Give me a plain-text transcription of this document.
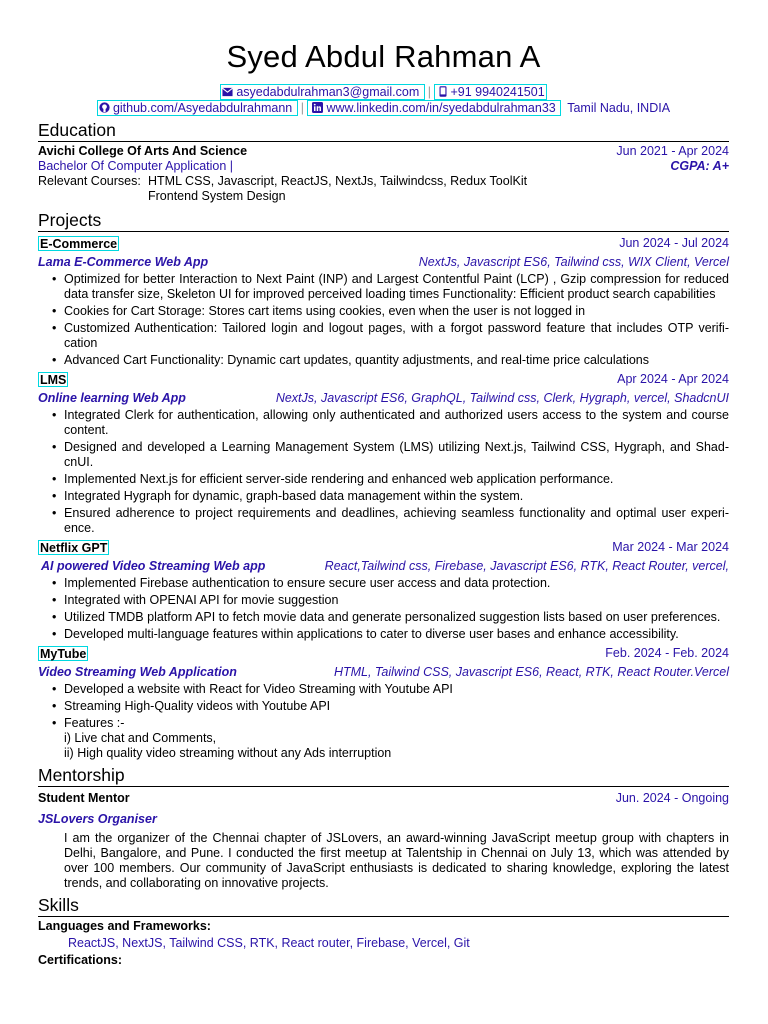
Syed Abdul Rahman A
asyedabdulrahman3@gmail.com | +91 9940241501
github.com/Asyedabdulrahmann | www.linkedin.com/in/syedabdulrahman33 Tamil Nadu, INDIA
Education
Avichi College Of Arts And Science	Jun 2021 - Apr 2024
Bachelor Of Computer Application |	CGPA: A+
Relevant Courses: HTML CSS, Javascript, ReactJS, NextJs, Tailwindcss, Redux ToolKit
Frontend System Design
Projects
E-Commerce	Jun 2024 - Jul 2024
Lama E-Commerce Web App	NextJs, Javascript ES6, Tailwind css, WIX Client, Vercel
• Optimized for better Interaction to Next Paint (INP) and Largest Contentful Paint (LCP) , Gzip compression for reduced data transfer size, Skeleton UI for improved perceived loading times Functionality: Efficient product search capabilities
• Cookies for Cart Storage: Stores cart items using cookies, even when the user is not logged in
• Customized Authentication: Tailored login and logout pages, with a forgot password feature that includes OTP verifi-cation
• Advanced Cart Functionality: Dynamic cart updates, quantity adjustments, and real-time price calculations
LMS	Apr 2024 - Apr 2024
Online learning Web App	NextJs, Javascript ES6, GraphQL, Tailwind css, Clerk, Hygraph, vercel, ShadcnUI
• Integrated Clerk for authentication, allowing only authenticated and authorized users access to the system and course content.
• Designed and developed a Learning Management System (LMS) utilizing Next.js, Tailwind CSS, Hygraph, and Shad-cnUI.
• Implemented Next.js for efficient server-side rendering and enhanced web application performance.
• Integrated Hygraph for dynamic, graph-based data management within the system.
• Ensured adherence to project requirements and deadlines, achieving seamless functionality and optimal user experi-ence.
Netflix GPT	Mar 2024 - Mar 2024
AI powered Video Streaming Web app	React,Tailwind css, Firebase, Javascript ES6, RTK, React Router, vercel,
• Implemented Firebase authentication to ensure secure user access and data protection.
• Integrated with OPENAI API for movie suggestion
• Utilized TMDB platform API to fetch movie data and generate personalized suggestion lists based on user preferences.
• Developed multi-language features within applications to cater to diverse user bases and enhance accessibility.
MyTube	Feb. 2024 - Feb. 2024
Video Streaming Web Application	HTML, Tailwind CSS, Javascript ES6, React, RTK, React Router.Vercel
• Developed a website with React for Video Streaming with Youtube API
• Streaming High-Quality videos with Youtube API
• Features :-
i) Live chat and Comments,
ii) High quality video streaming without any Ads interruption
Mentorship
Student Mentor	Jun. 2024 - Ongoing
JSLovers Organiser
I am the organizer of the Chennai chapter of JSLovers, an award-winning JavaScript meetup group with chapters in Delhi, Bangalore, and Pune. I conducted the first meetup at Talentship in Chennai on July 13, which was attended by over 100 members. Our community of JavaScript enthusiasts is dedicated to sharing knowledge, exploring the latest trends, and collaborating on innovative projects.
Skills
Languages and Frameworks:
ReactJS, NextJS, Tailwind CSS, RTK, React router, Firebase, Vercel, Git
Certifications:
